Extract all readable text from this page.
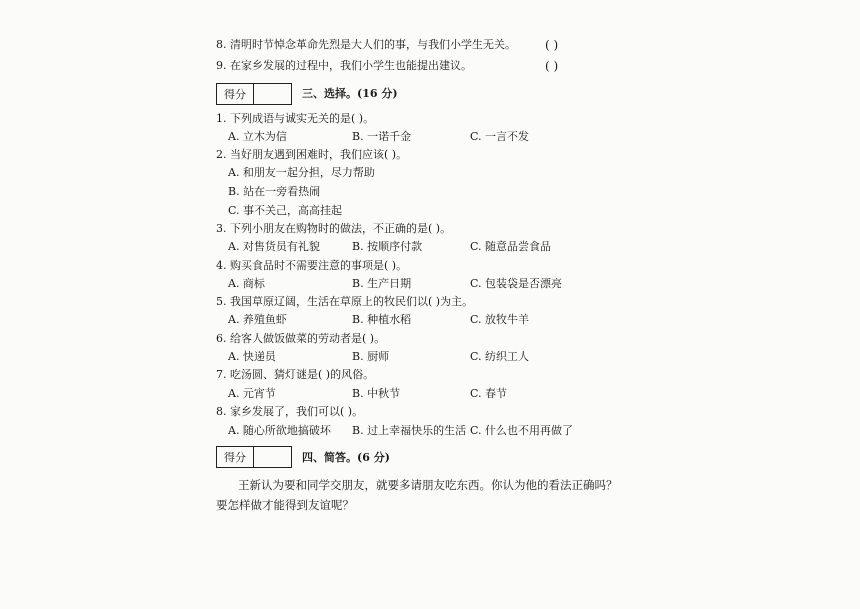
8. 清明时节悼念革命先烈是大人们的事，与我们小学生无关。 ( )
9. 在家乡发展的过程中，我们小学生也能提出建议。	( )
得分	三、选择。(16 分)
1. 下列成语与诚实无关的是( )。
A. 立木为信	B. 一诺千金	C. 一言不发
2. 当好朋友遇到困难时，我们应该( )。
A. 和朋友一起分担，尽力帮助
B. 站在一旁看热闹
C. 事不关己，高高挂起
3. 下列小朋友在购物时的做法，不正确的是( )。
A. 对售货员有礼貌	B. 按顺序付款	C. 随意品尝食品
4. 购买食品时不需要注意的事项是( )。
A. 商标	B. 生产日期	C. 包装袋是否漂亮
5. 我国草原辽阔，生活在草原上的牧民们以( )为主。
A. 养殖鱼虾	B. 种植水稻	C. 放牧牛羊
6. 给客人做饭做菜的劳动者是( )。
A. 快递员	B. 厨师	C. 纺织工人
7. 吃汤圆、猜灯谜是( )的风俗。
A. 元宵节	B. 中秋节	C. 春节
8. 家乡发展了，我们可以( )。
A. 随心所欲地搞破坏 B. 过上幸福快乐的生活 C. 什么也不用再做了
得分	四、简答。(6 分)
王新认为要和同学交朋友，就要多请朋友吃东西。你认为他的看法正确吗？
要怎样做才能得到友谊呢？
